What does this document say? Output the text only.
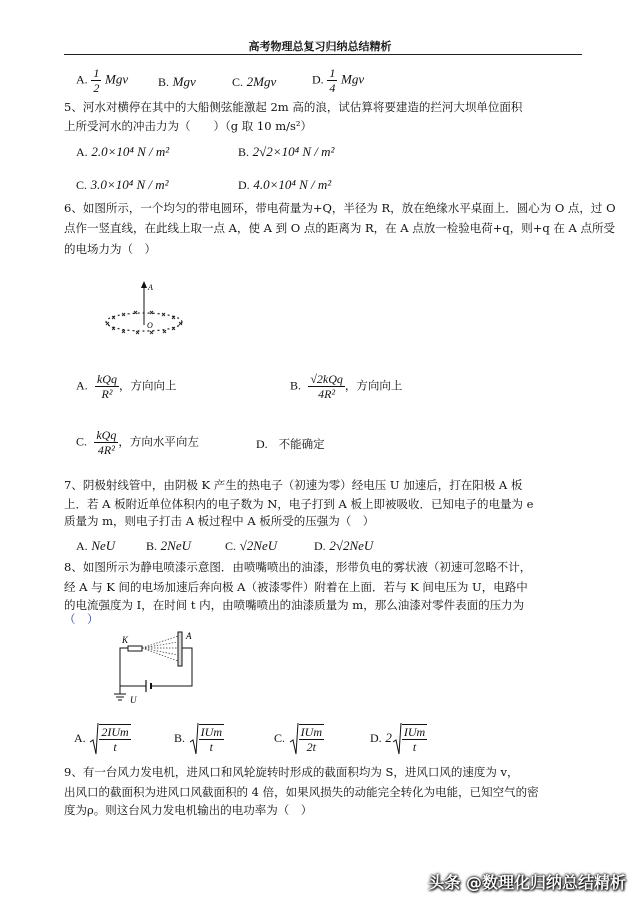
高考物理总复习归纳总结精析
A. $\frac{1}{2}$ Mgv B. Mgv	C. 2Mgv	D. $\frac{1}{4}$ Mgv
5、河水对横停在其中的大船侧弦能激起 2m 高的浪，试估算将要建造的拦河大坝单位面积
上所受河水的冲击力为（　　）（g 取 10 m/s²）
A. 2.0×10⁴ N / m²	B. 2√2×10⁴ N / m²
C. 3.0×10⁴ N / m²	D. 4.0×10⁴ N / m²
6、如图所示，一个均匀的带电圆环，带电荷量为+Q，半径为 R，放在绝缘水平桌面上．圆心为 O 点，过 O
点作一竖直线，在此线上取一点 A，使 A 到 O 点的距离为 R，在 A 点放一检验电荷+q，则+q 在 A 点所受
的电场力为（　）
A
O
A. $\frac{\text{kQq}}{\text{R²}}$ ，方向向上	B. $\frac{\text{√2kQq}}{\text{4R²}}$ ，方向向上
C. $\frac{\text{kQq}}{\text{4R²}}$ ，方向水平向左	D. 不能确定
7、阴极射线管中，由阴极 K 产生的热电子（初速为零）经电压 U 加速后，打在阳极 A 板
上．若 A 板附近单位体积内的电子数为 N，电子打到 A 板上即被吸收．已知电子的电量为 e
质量为 m，则电子打击 A 板过程中 A 板所受的压强为（　）
A. NeU	B. 2NeU	C. √2NeU	D. 2√2NeU
8、如图所示为静电喷漆示意图．由喷嘴喷出的油漆，形带负电的雾状液（初速可忽略不计，
经 A 与 K 间的电场加速后奔向极 A（被漆零件）附着在上面．若与 K 间电压为 U，电路中
的电流强度为 I，在时间 t 内，由喷嘴喷出的油漆质量为 m，那么油漆对零件表面的压力为
（　）
K	A
U
A. $\frac{\text{2IUm}}{t}$	B. $\frac{\text{IUm}}{t}$	C. $\frac{\text{IUm}}{2t}$	D. $2 \frac{\text{IUm}}{t}$
9、有一台风力发电机，进风口和风轮旋转时形成的截面积均为 S，进风口风的速度为 v，
出风口的截面积为进风口风截面积的 4 倍，如果风损失的动能完全转化为电能，已知空气的密
度为ρ。则这台风力发电机输出的电功率为（　）
头条 @数理化归纳总结精析
